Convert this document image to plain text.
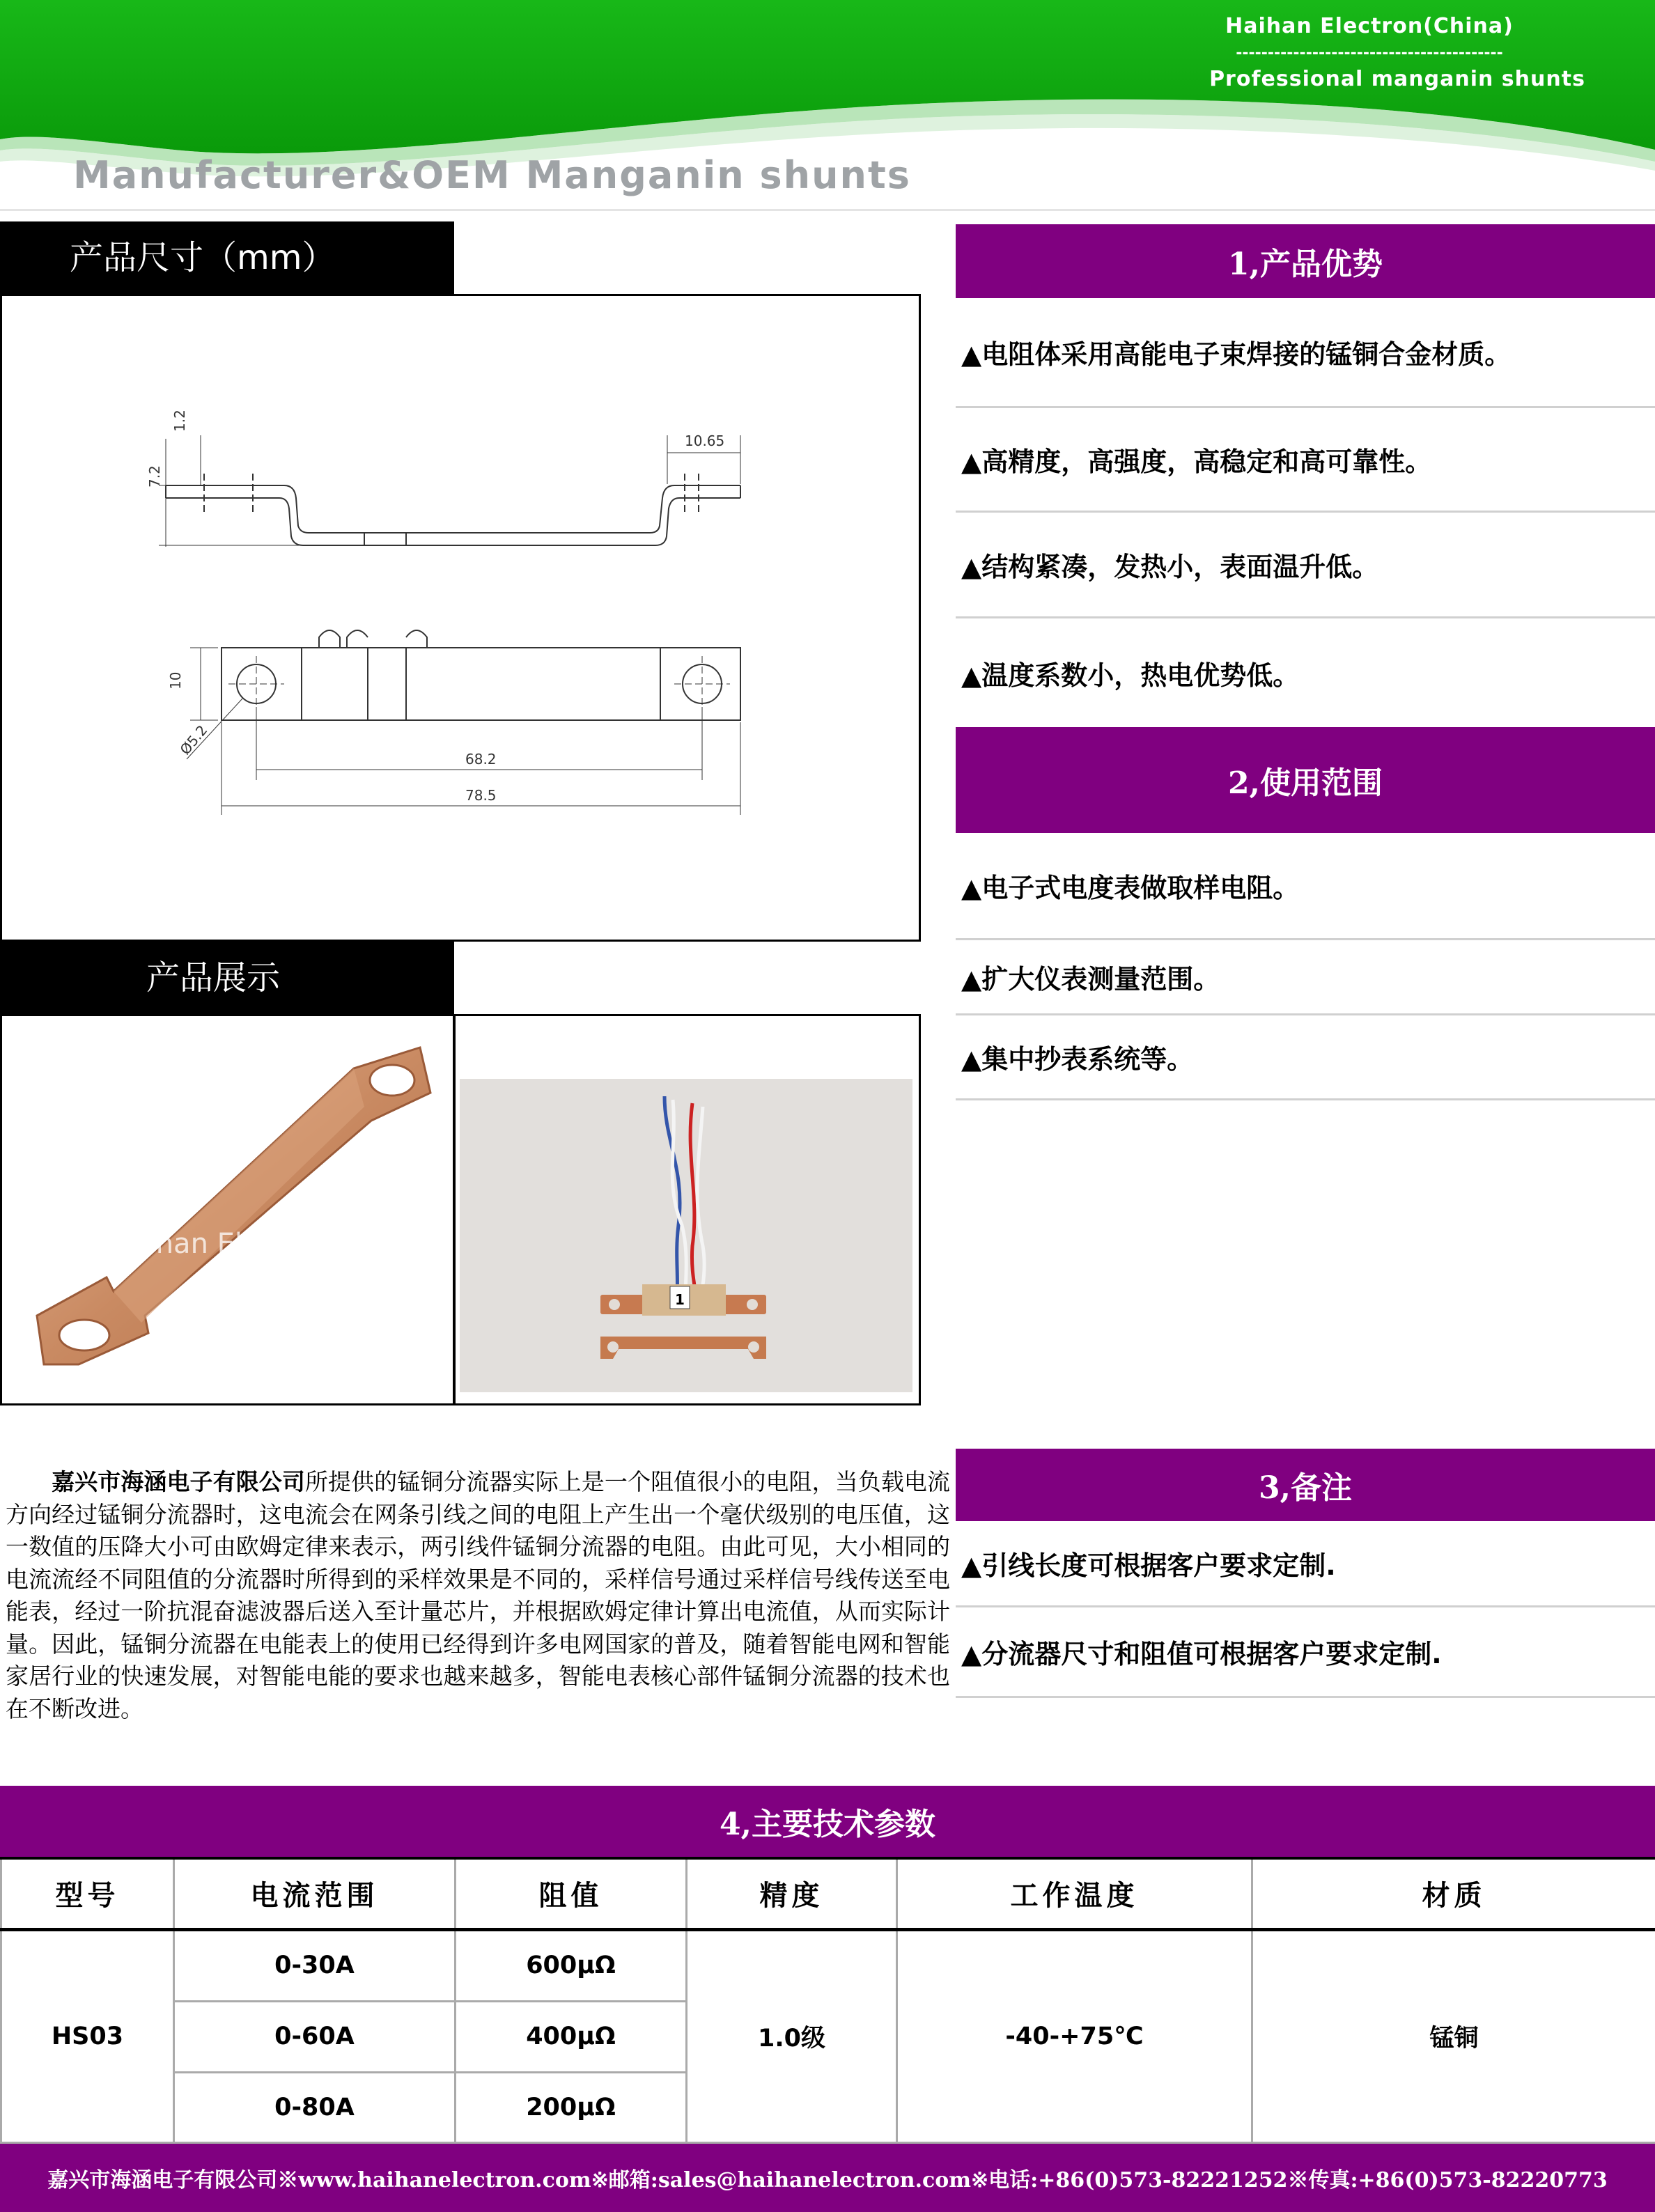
Haihan Electron(China)
------------------------------------------
Professional manganin shunts
Manufacturer&OEM Manganin shunts
产品尺寸（mm）
1.2
7.2
10.65
10
Ø5.2
68.2
78.5
产品展示
Haihan Electron
1
1,产品优势
▲电阻体采用高能电子束焊接的锰铜合金材质。
▲高精度，高强度，高稳定和高可靠性。
▲结构紧凑，发热小，表面温升低。
▲温度系数小，热电优势低。
2,使用范围
▲电子式电度表做取样电阻。
▲扩大仪表测量范围。
▲集中抄表系统等。
3,备注
▲引线长度可根据客户要求定制.
▲分流器尺寸和阻值可根据客户要求定制.
嘉兴市海涵电子有限公司所提供的锰铜分流器实际上是一个阻值很小的电阻，当负载电流方向经过锰铜分流器时，这电流会在网条引线之间的电阻上产生出一个毫伏级别的电压值，这一数值的压降大小可由欧姆定律来表示，两引线件锰铜分流器的电阻。由此可见，大小相同的电流流经不同阻值的分流器时所得到的采样效果是不同的，采样信号通过采样信号线传送至电能表，经过一阶抗混奋滤波器后送入至计量芯片，并根据欧姆定律计算出电流值，从而实际计量。因此，锰铜分流器在电能表上的使用已经得到许多电网国家的普及，随着智能电网和智能家居行业的快速发展，对智能电能的要求也越来越多，智能电表核心部件锰铜分流器的技术也在不断改进。
4,主要技术参数
型号	电流范围	阻值	精度	工作温度	材质
HS03	0-30A	600μΩ	1.0级	-40-+75℃	锰铜
	0-60A	400μΩ			
	0-80A	200μΩ			
嘉兴市海涵电子有限公司※www.haihanelectron.com※邮箱:sales@haihanelectron.com※电话:+86(0)573-82221252※传真:+86(0)573-82220773
